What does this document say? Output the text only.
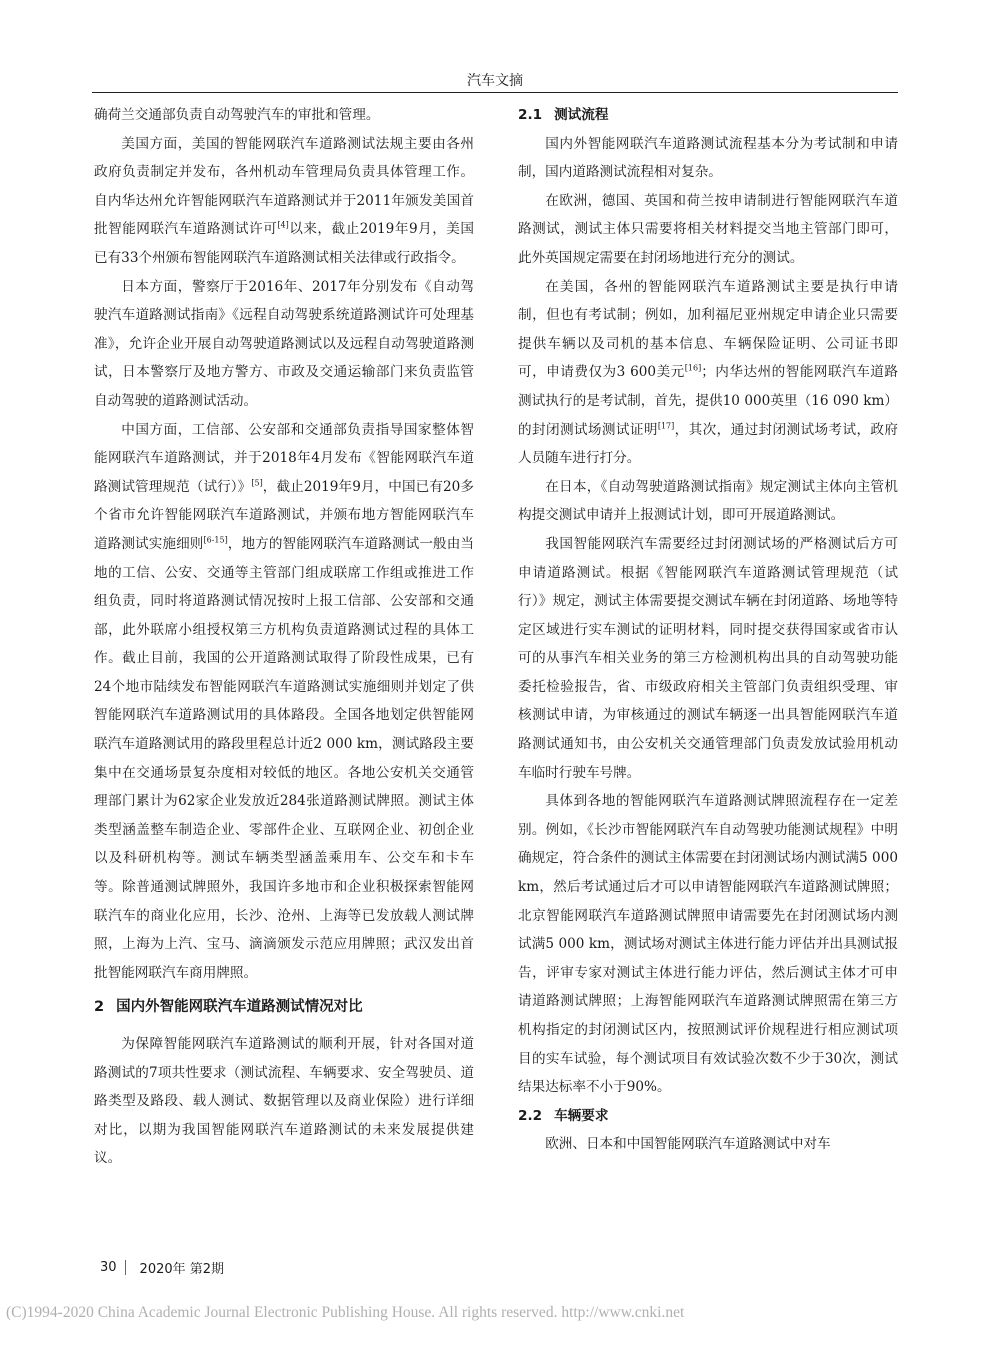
汽车文摘

确荷兰交通部负责自动驾驶汽车的审批和管理。

美国方面，美国的智能网联汽车道路测试法规主要由各州政府负责制定并发布，各州机动车管理局负责具体管理工作。自内华达州允许智能网联汽车道路测试并于2011年颁发美国首批智能网联汽车道路测试许可[4]以来，截止2019年9月，美国已有33个州颁布智能网联汽车道路测试相关法律或行政指令。

日本方面，警察厅于2016年、2017年分别发布《自动驾驶汽车道路测试指南》《远程自动驾驶系统道路测试许可处理基准》，允许企业开展自动驾驶道路测试以及远程自动驾驶道路测试，日本警察厅及地方警方、市政及交通运输部门来负责监管自动驾驶的道路测试活动。

中国方面，工信部、公安部和交通部负责指导国家整体智能网联汽车道路测试，并于2018年4月发布《智能网联汽车道路测试管理规范（试行）》[5]，截止2019年9月，中国已有20多个省市允许智能网联汽车道路测试，并颁布地方智能网联汽车道路测试实施细则[6-15]，地方的智能网联汽车道路测试一般由当地的工信、公安、交通等主管部门组成联席工作组或推进工作组负责，同时将道路测试情况按时上报工信部、公安部和交通部，此外联席小组授权第三方机构负责道路测试过程的具体工作。截止目前，我国的公开道路测试取得了阶段性成果，已有24个地市陆续发布智能网联汽车道路测试实施细则并划定了供智能网联汽车道路测试用的具体路段。全国各地划定供智能网联汽车道路测试用的路段里程总计近2 000 km，测试路段主要集中在交通场景复杂度相对较低的地区。各地公安机关交通管理部门累计为62家企业发放近284张道路测试牌照。测试主体类型涵盖整车制造企业、零部件企业、互联网企业、初创企业以及科研机构等。测试车辆类型涵盖乘用车、公交车和卡车等。除普通测试牌照外，我国许多地市和企业积极探索智能网联汽车的商业化应用，长沙、沧州、上海等已发放载人测试牌照，上海为上汽、宝马、滴滴颁发示范应用牌照；武汉发出首批智能网联汽车商用牌照。

2 国内外智能网联汽车道路测试情况对比

为保障智能网联汽车道路测试的顺利开展，针对各国对道路测试的7项共性要求（测试流程、车辆要求、安全驾驶员、道路类型及路段、载人测试、数据管理以及商业保险）进行详细对比，以期为我国智能网联汽车道路测试的未来发展提供建议。

2.1 测试流程

国内外智能网联汽车道路测试流程基本分为考试制和申请制，国内道路测试流程相对复杂。

在欧洲，德国、英国和荷兰按申请制进行智能网联汽车道路测试，测试主体只需要将相关材料提交当地主管部门即可，此外英国规定需要在封闭场地进行充分的测试。

在美国，各州的智能网联汽车道路测试主要是执行申请制，但也有考试制；例如，加利福尼亚州规定申请企业只需要提供车辆以及司机的基本信息、车辆保险证明、公司证书即可，申请费仅为3 600美元[16]；内华达州的智能网联汽车道路测试执行的是考试制，首先，提供10 000英里（16 090 km）的封闭测试场测试证明[17]，其次，通过封闭测试场考试，政府人员随车进行打分。

在日本，《自动驾驶道路测试指南》规定测试主体向主管机构提交测试申请并上报测试计划，即可开展道路测试。

我国智能网联汽车需要经过封闭测试场的严格测试后方可申请道路测试。根据《智能网联汽车道路测试管理规范（试行）》规定，测试主体需要提交测试车辆在封闭道路、场地等特定区域进行实车测试的证明材料，同时提交获得国家或省市认可的从事汽车相关业务的第三方检测机构出具的自动驾驶功能委托检验报告，省、市级政府相关主管部门负责组织受理、审核测试申请，为审核通过的测试车辆逐一出具智能网联汽车道路测试通知书，由公安机关交通管理部门负责发放试验用机动车临时行驶车号牌。

具体到各地的智能网联汽车道路测试牌照流程存在一定差别。例如，《长沙市智能网联汽车自动驾驶功能测试规程》中明确规定，符合条件的测试主体需要在封闭测试场内测试满5 000 km，然后考试通过后才可以申请智能网联汽车道路测试牌照；北京智能网联汽车道路测试牌照申请需要先在封闭测试场内测试满5 000 km，测试场对测试主体进行能力评估并出具测试报告，评审专家对测试主体进行能力评估，然后测试主体才可申请道路测试牌照；上海智能网联汽车道路测试牌照需在第三方机构指定的封闭测试区内，按照测试评价规程进行相应测试项目的实车试验，每个测试项目有效试验次数不少于30次，测试结果达标率不小于90%。

2.2 车辆要求

欧洲、日本和中国智能网联汽车道路测试中对车

30	2020年 第2期
(C)1994-2020 China Academic Journal Electronic Publishing House. All rights reserved. http://www.cnki.net
